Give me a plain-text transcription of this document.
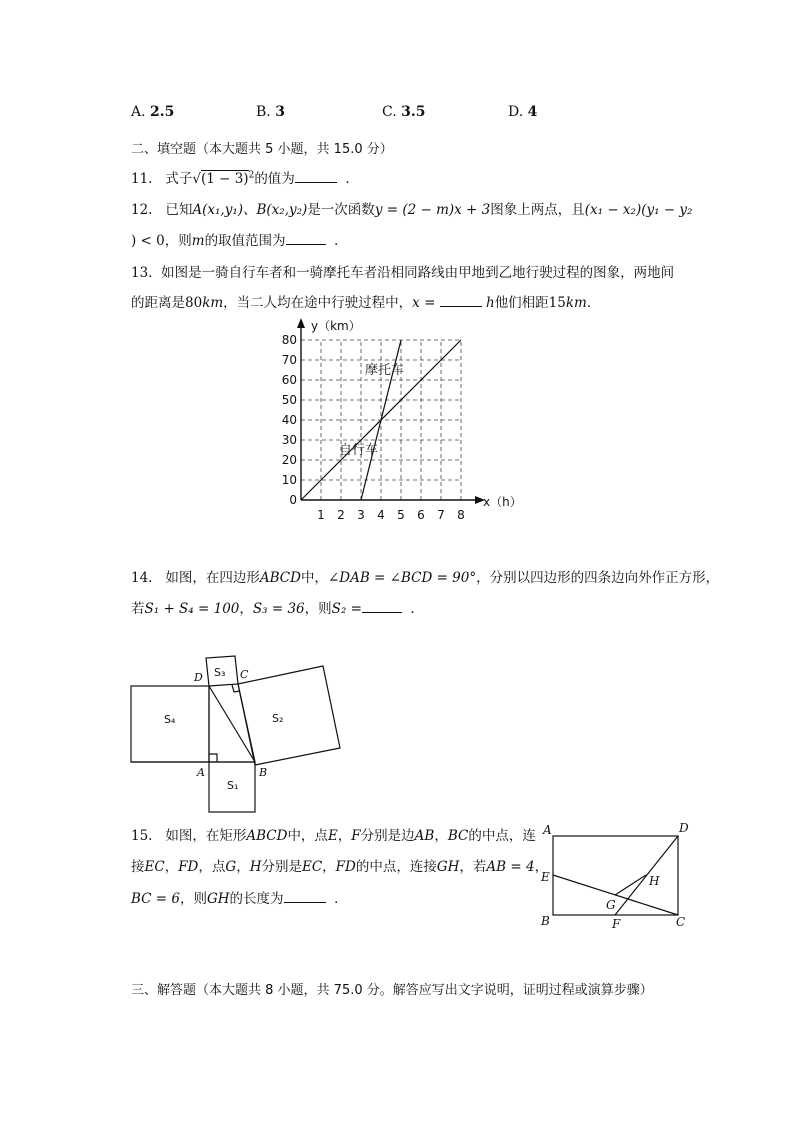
A. 2.5	B. 3	C. 3.5	D. 4
二、填空题（本大题共 5 小题，共 15.0 分）
11. 式子$√(1 - 3)^2$的值为	．
12. 已知A(x₁,y₁)、B(x₂,y₂)是一次函数y = (2 − m)x + 3图象上两点，且(x₁ − x₂)(y₁ − y₂
) < 0，则m的取值范围为	．
13. 如图是一骑自行车者和一骑摩托车者沿相同路线由甲地到乙地行驶过程的图象，两地间
的距离是80km，当二人均在途中行驶过程中，x =	h他们相距15km．
1 2 3 4 5 6 7 8
0
10
20
30
40
50
60
70
80
x（h）
y（km）
自行车
摩托车
14. 如图，在四边形ABCD中，∠DAB = ∠BCD = 90°，分别以四边形的四条边向外作正方形，
若S₁ + S₄ = 100，S₃ = 36，则S₂ =	．
S₄
S₁
S₃
S₂
D	C
A	B
15. 如图，在矩形ABCD中，点E，F分别是边AB，BC的中点，连
接EC，FD，点G，H分别是EC，FD的中点，连接GH，若AB = 4，
BC = 6，则GH的长度为	．
A	D
E	H
G
B	F	C
三、解答题（本大题共 8 小题，共 75.0 分。解答应写出文字说明，证明过程或演算步骤）
